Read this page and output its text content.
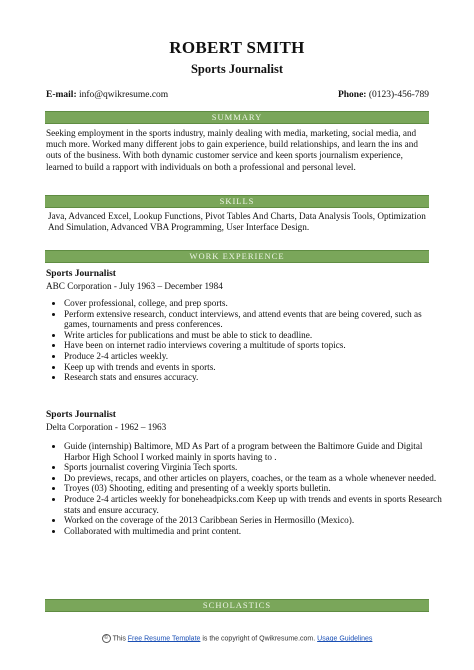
ROBERT SMITH
Sports Journalist
E-mail: info@qwikresume.com	Phone: (0123)-456-789
SUMMARY
Seeking employment in the sports industry, mainly dealing with media, marketing, social media, and much more. Worked many different jobs to gain experience, build relationships, and learn the ins and outs of the business. With both dynamic customer service and keen sports journalism experience, learned to build a rapport with individuals on both a professional and personal level.
SKILLS
Java, Advanced Excel, Lookup Functions, Pivot Tables And Charts, Data Analysis Tools, Optimization And Simulation, Advanced VBA Programming, User Interface Design.
WORK EXPERIENCE
Sports Journalist
ABC Corporation - July 1963 – December 1984
• Cover professional, college, and prep sports.
• Perform extensive research, conduct interviews, and attend events that are being covered, such as games, tournaments and press conferences.
• Write articles for publications and must be able to stick to deadline.
• Have been on internet radio interviews covering a multitude of sports topics.
• Produce 2-4 articles weekly.
• Keep up with trends and events in sports.
• Research stats and ensures accuracy.
Sports Journalist
Delta Corporation - 1962 – 1963
• Guide (internship) Baltimore, MD As Part of a program between the Baltimore Guide and Digital Harbor High School I worked mainly in sports having to .
• Sports journalist covering Virginia Tech sports.
• Do previews, recaps, and other articles on players, coaches, or the team as a whole whenever needed.
• Troyes (03) Shooting, editing and presenting of a weekly sports bulletin.
• Produce 2-4 articles weekly for boneheadpicks.com Keep up with trends and events in sports Research stats and ensure accuracy.
• Worked on the coverage of the 2013 Caribbean Series in Hermosillo (Mexico).
• Collaborated with multimedia and print content.
SCHOLASTICS
© This Free Resume Template is the copyright of Qwikresume.com. Usage Guidelines
